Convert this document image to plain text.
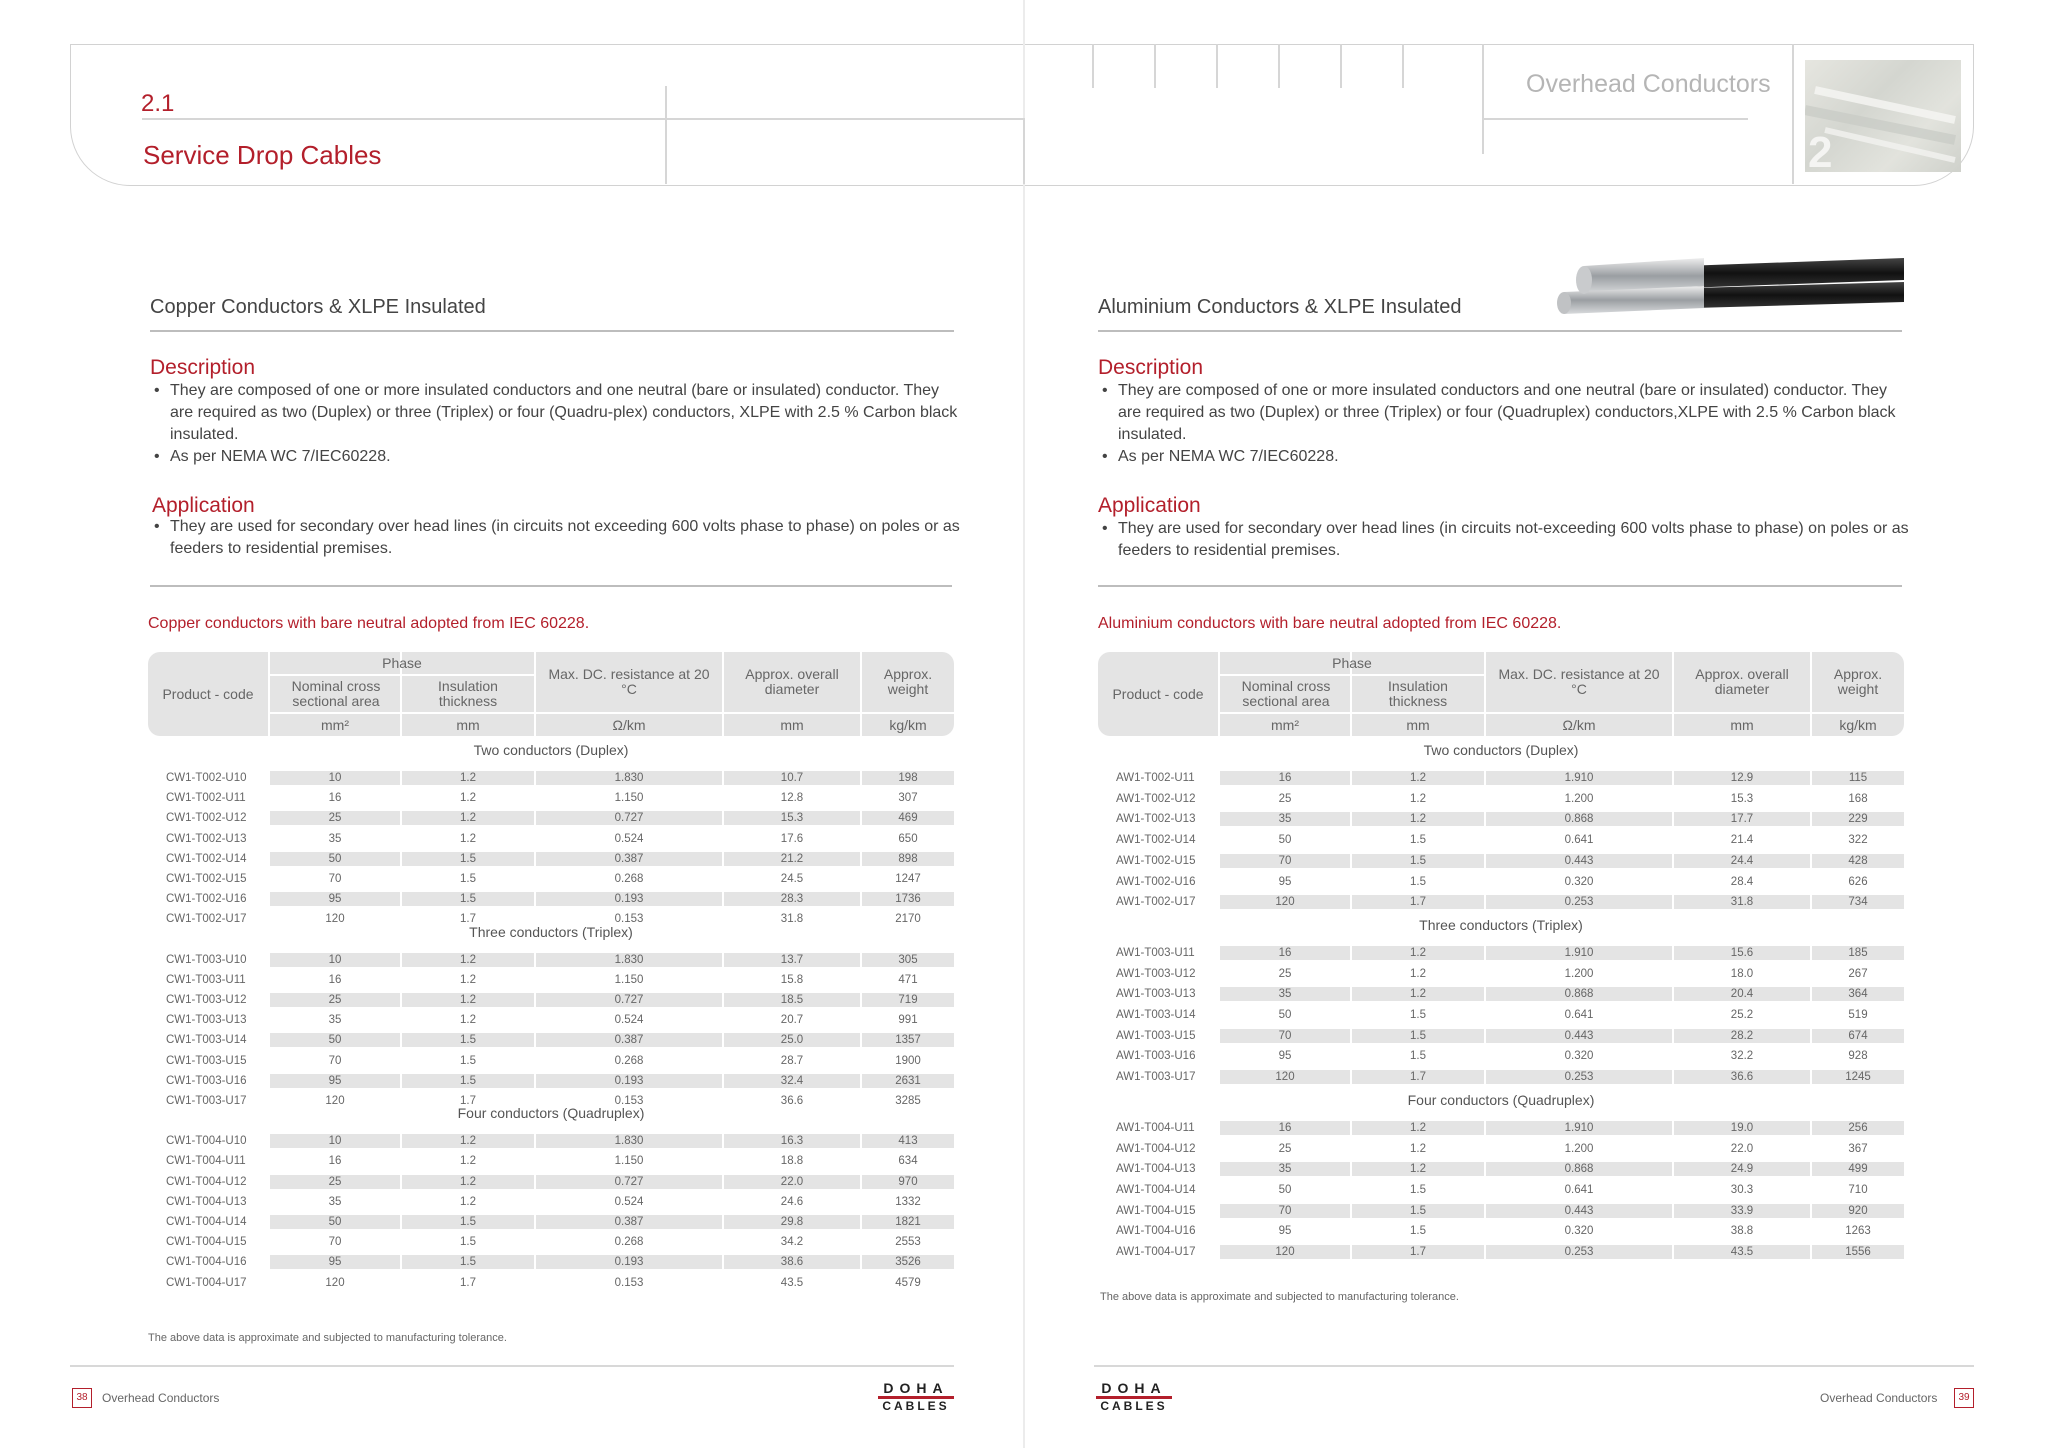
2.1
Service Drop Cables
Overhead Conductors
2
Copper Conductors & XLPE Insulated
Description
• They are composed of one or more insulated conductors and one neutral (bare or insulated) conductor. They are required as two (Duplex) or three (Triplex) or four (Quadru-plex) conductors, XLPE with 2.5 % Carbon black insulated.
• As per NEMA WC 7/IEC60228.
Application
• They are used for secondary over head lines (in circuits not exceeding 600 volts phase to phase) on poles or as feeders to residential premises.
Copper conductors with bare neutral adopted from IEC 60228.
Product - code
Phase
Nominal cross sectional area
Insulation thickness
Max. DC. resistance at 20 °C
Approx. overall diameter
Approx. weight
mm²	mm	Ω/km	mm	kg/km
Two conductors (Duplex)
CW1-T002-U10	10	1.2	1.830	10.7	198
CW1-T002-U11	16	1.2	1.150	12.8	307
CW1-T002-U12	25	1.2	0.727	15.3	469
CW1-T002-U13	35	1.2	0.524	17.6	650
CW1-T002-U14	50	1.5	0.387	21.2	898
CW1-T002-U15	70	1.5	0.268	24.5	1247
CW1-T002-U16	95	1.5	0.193	28.3	1736
CW1-T002-U17	120	1.7	0.153	31.8	2170
Three conductors (Triplex)
CW1-T003-U10	10	1.2	1.830	13.7	305
CW1-T003-U11	16	1.2	1.150	15.8	471
CW1-T003-U12	25	1.2	0.727	18.5	719
CW1-T003-U13	35	1.2	0.524	20.7	991
CW1-T003-U14	50	1.5	0.387	25.0	1357
CW1-T003-U15	70	1.5	0.268	28.7	1900
CW1-T003-U16	95	1.5	0.193	32.4	2631
CW1-T003-U17	120	1.7	0.153	36.6	3285
Four conductors (Quadruplex)
CW1-T004-U10	10	1.2	1.830	16.3	413
CW1-T004-U11	16	1.2	1.150	18.8	634
CW1-T004-U12	25	1.2	0.727	22.0	970
CW1-T004-U13	35	1.2	0.524	24.6	1332
CW1-T004-U14	50	1.5	0.387	29.8	1821
CW1-T004-U15	70	1.5	0.268	34.2	2553
CW1-T004-U16	95	1.5	0.193	38.6	3526
CW1-T004-U17	120	1.7	0.153	43.5	4579
The above data is approximate and subjected to manufacturing tolerance.
38	Overhead Conductors
DOHA
CABLES
Aluminium Conductors & XLPE Insulated
Description
• They are composed of one or more insulated conductors and one neutral (bare or insulated) conductor. They are required as two (Duplex) or three (Triplex) or four (Quadruplex) conductors,XLPE with 2.5 % Carbon black insulated.
• As per NEMA WC 7/IEC60228.
Application
• They are used for secondary over head lines (in circuits not-exceeding 600 volts phase to phase) on poles or as feeders to residential premises.
Aluminium conductors with bare neutral adopted from IEC 60228.
Product - code
Phase
Nominal cross sectional area
Insulation thickness
Max. DC. resistance at 20 °C
Approx. overall diameter
Approx. weight
mm²	mm	Ω/km	mm	kg/km
Two conductors (Duplex)
AW1-T002-U11	16	1.2	1.910	12.9	115
AW1-T002-U12	25	1.2	1.200	15.3	168
AW1-T002-U13	35	1.2	0.868	17.7	229
AW1-T002-U14	50	1.5	0.641	21.4	322
AW1-T002-U15	70	1.5	0.443	24.4	428
AW1-T002-U16	95	1.5	0.320	28.4	626
AW1-T002-U17	120	1.7	0.253	31.8	734
Three conductors (Triplex)
AW1-T003-U11	16	1.2	1.910	15.6	185
AW1-T003-U12	25	1.2	1.200	18.0	267
AW1-T003-U13	35	1.2	0.868	20.4	364
AW1-T003-U14	50	1.5	0.641	25.2	519
AW1-T003-U15	70	1.5	0.443	28.2	674
AW1-T003-U16	95	1.5	0.320	32.2	928
AW1-T003-U17	120	1.7	0.253	36.6	1245
Four conductors (Quadruplex)
AW1-T004-U11	16	1.2	1.910	19.0	256
AW1-T004-U12	25	1.2	1.200	22.0	367
AW1-T004-U13	35	1.2	0.868	24.9	499
AW1-T004-U14	50	1.5	0.641	30.3	710
AW1-T004-U15	70	1.5	0.443	33.9	920
AW1-T004-U16	95	1.5	0.320	38.8	1263
AW1-T004-U17	120	1.7	0.253	43.5	1556
The above data is approximate and subjected to manufacturing tolerance.
DOHA
CABLES
Overhead Conductors	39
